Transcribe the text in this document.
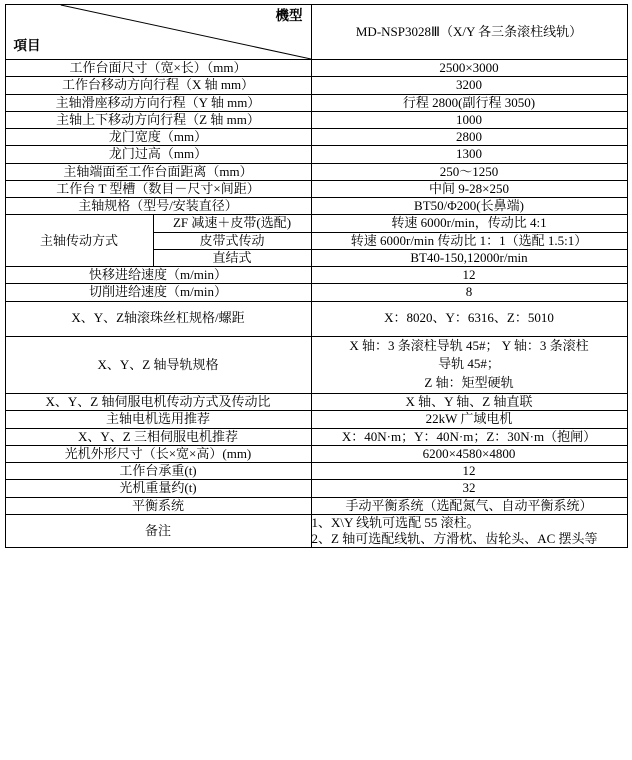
機型
項目		MD-NSP3028Ⅲ（X/Y 各三条滚柱线轨）
工作台面尺寸（宽×长）（mm）		2500×3000
工作台移动方向行程（X 轴 mm）		3200
主轴滑座移动方向行程（Y 轴 mm）		行程 2800(副行程 3050)
主轴上下移动方向行程（Z 轴 mm）		1000
龙门宽度（mm）		2800
龙门过高（mm）		1300
主轴端面至工作台面距离（mm）		250～1250
工作台 T 型槽（数目－尺寸×间距）		中间 9-28×250
主轴规格（型号/安装直径）		BT50/Φ200(长鼻端)
主轴传动方式	ZF 减速＋皮带(选配)	转速 6000r/min，传动比 4:1
	皮带式传动	转速 6000r/min 传动比 1：1（选配 1.5:1）
	直结式	BT40-150,12000r/min
快移进给速度（m/min）		12
切削进给速度（m/min）		8
X、Y、Z轴滚珠丝杠规格/螺距		X：8020、Y：6316、Z：5010
X、Y、Z 轴导轨规格		X 轴：3 条滚柱导轨 45#； Y 轴：3 条滚柱
导轨 45#；
Z 轴：矩型硬轨

X、Y、Z 轴伺服电机传动方式及传动比		X 轴、Y 轴、Z 轴直联
主轴电机选用推荐		22kW 广域电机
X、Y、Z 三相伺服电机推荐		X：40N·m；Y：40N·m；Z：30N·m（抱闸）
光机外形尺寸（长×宽×高）(mm)		6200×4580×4800
工作台承重(t)		12
光机重量约(t)		32
平衡系统		手动平衡系统（选配氮气、自动平衡系统）
备注		1、X\Y 线轨可选配 55 滚柱。
2、Z 轴可选配线轨、方滑枕、齿轮头、AC 摆头等
